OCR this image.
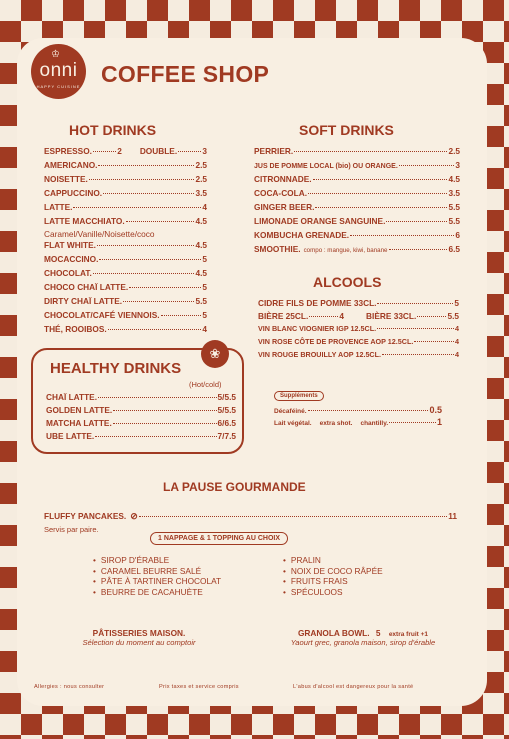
♔
onni
HAPPY CUISINE COFFEE SHOP
HOT DRINKS
ESPRESSO.	2 DOUBLE.	3
AMERICANO.	2.5
NOISETTE.	2.5
CAPPUCCINO.	3.5
LATTE.	4
LATTE MACCHIATO.	4.5
Caramel/Vanille/Noisette/coco
FLAT WHITE.	4.5
MOCACCINO.	5
CHOCOLAT.	4.5
CHOCO CHAÏ LATTE.	5
DIRTY CHAÏ LATTE.	5.5
CHOCOLAT/CAFÉ VIENNOIS.	5
THÉ, ROOIBOS.	4
SOFT DRINKS
PERRIER.	2.5
JUS DE POMME LOCAL (bio) OU ORANGE.	3
CITRONNADE.	4.5
COCA-COLA.	3.5
GINGER BEER.	5.5
LIMONADE ORANGE SANGUINE.	5.5
KOMBUCHA GRENADE.	6
SMOOTHIE. compo : mangue, kiwi, banane	6.5
ALCOOLS
CIDRE FILS DE POMME 33CL.	5
BIÈRE 25CL.	4	BIÈRE 33CL.	5.5
VIN BLANC VIOGNIER IGP 12.5CL.	4
VIN ROSE CÔTE DE PROVENCE AOP 12.5CL.	4
VIN ROUGE BROUILLY AOP 12.5CL.	4
❀
HEALTHY DRINKS
(Hot/cold)
CHAÏ LATTE.	5/5.5
GOLDEN LATTE.	5/5.5
MATCHA LATTE.	6/6.5
UBE LATTE.	7/7.5
Suppléments
Décaféiné.	0.5
Lait végétal. extra shot. chantilly.	1
LA PAUSE GOURMANDE
FLUFFY PANCAKES. ⊘	11
Servis par paire.
1 NAPPAGE & 1 TOPPING AU CHOIX
• SIROP D'ÉRABLE
• CARAMEL BEURRE SALÉ
• PÂTE À TARTINER CHOCOLAT
• BEURRE DE CACAHUÈTE
• PRALIN
• NOIX DE COCO RÂPÉE
• FRUITS FRAIS
• SPÉCULOOS
PÂTISSERIES MAISON.
Sélection du moment au comptoir
GRANOLA BOWL. 5 extra fruit +1
Yaourt grec, granola maison, sirop d'érable
Allergies : nous consulter	Prix taxes et service compris	L'abus d'alcool est dangereux pour la santé
